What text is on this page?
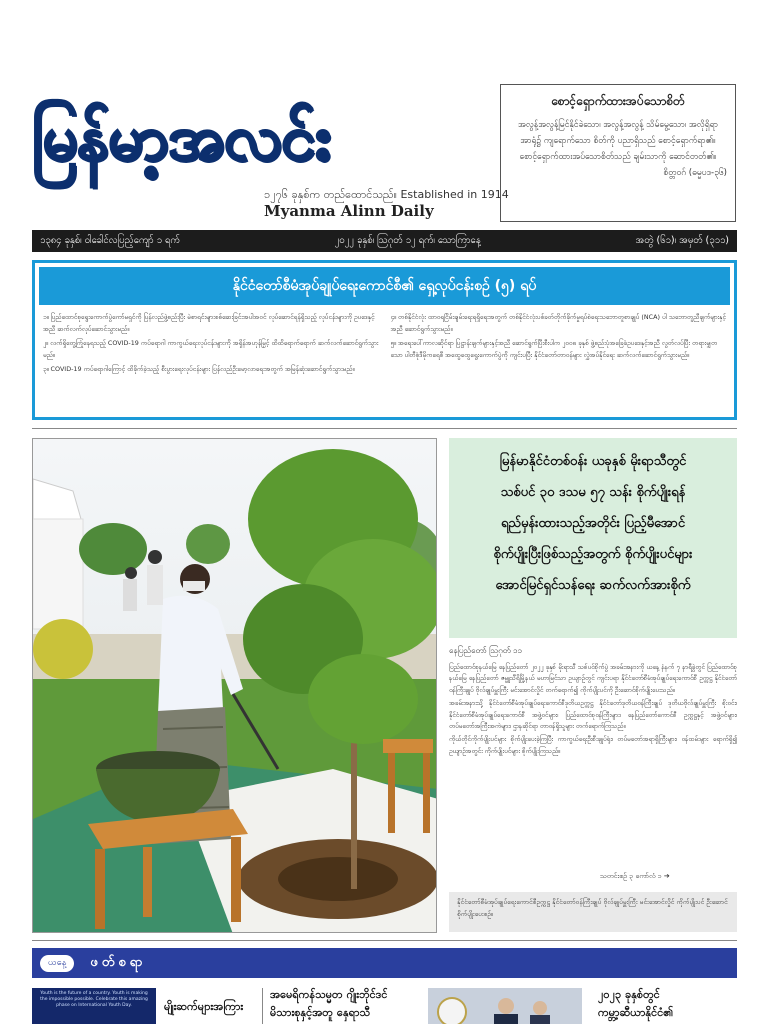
မြန်မာ့အလင်း
၁၂၇၆ ခုနှစ်က တည်ထောင်သည်။ Established in 1914
Myanma Alinn Daily
စောင့်ရှောက်ထားအပ်သောစိတ်
အလွန့်အလွန့်မြင်နိုင်ခဲသော၊ အလွန့်အလွန့် သိမ်မွေ့သော၊ အလိုရှိရာအာရုံ၌ ကျရောက်သော စိတ်ကို ပညာရှိသည် စောင့်ရှောက်ရာ၏။ စောင့်ရှောက်ထားအပ်သောစိတ်သည် ချမ်းသာကို ဆောင်တတ်၏။
စိတ္တဝဂ် (ဓမ္မပဒ-၃၆)
၁၃၈၄ ခုနှစ်၊ ဝါခေါင်လပြည့်ကျော် ၁ ရက်	၂၀၂၂ ခုနှစ်၊ ဩဂုတ် ၁၂ ရက်၊ သောကြာနေ့	အတွဲ (၆၁)၊ အမှတ် (၃၁၁)
နိုင်ငံတော်စီမံအုပ်ချုပ်ရေးကောင်စီ၏ ရှေ့လုပ်ငန်းစဉ် (၅) ရပ်

၁။ ပြည်ထောင်စုရွေးကောက်ပွဲကော်မရှင်ကို ပြန်လည်ဖွဲ့စည်းပြီး မဲစာရင်းများစစ်ဆေးခြင်းအပါအဝင် လုပ်ဆောင်ရန်ရှိသည့် လုပ်ငန်းများကို ဥပဒေနှင့်အညီ ဆက်လက်လုပ်ဆောင်သွားမည်။

၂။ လက်ရှိတွေ့ကြုံနေရသည့် COVID-19 ကပ်ရောဂါ ကာကွယ်ရေးလုပ်ငန်းများကို အရှိန်အဟုန်မြှင့် ထိထိရောက်ရောက် ဆက်လက်ဆောင်ရွက်သွားမည်။

၃။ COVID-19 ကပ်ရောဂါကြောင့် ထိခိုက်ခဲ့သည့် စီးပွားရေးလုပ်ငန်းများ ပြန်လည်ဦးမော့လာရေးအတွက် အမြန်ဆုံးဆောင်ရွက်သွားမည်။

၄။ တစ်နိုင်ငံလုံး ထာဝရငြိမ်းချမ်းရေးရရှိရေးအတွက် တစ်နိုင်ငံလုံးပစ်ခတ်တိုက်ခိုက်မှုရပ်စဲရေးသဘောတူစာချုပ် (NCA) ပါ သဘောတူညီချက်များနှင့်အညီ ဆောင်ရွက်သွားမည်။

၅။ အရေးပေါ်ကာလဆိုင်ရာ ပြဋ္ဌာန်းချက်များနှင့်အညီ ဆောင်ရွက်ပြီးစီးပါက ၂၀၀၈ ခုနှစ် ဖွဲ့စည်းပုံအခြေခံဥပဒေနှင့်အညီ လွတ်လပ်ပြီး တရားမျှတသော ပါတီစုံဒီမိုကရေစီ အထွေထွေရွေးကောက်ပွဲကို ကျင်းပပြီး နိုင်ငံတော်တာဝန်များ လွှဲအပ်နိုင်ရေး ဆက်လက်ဆောင်ရွက်သွားမည်။

မြန်မာနိုင်ငံတစ်ဝန်း ယခုနှစ် မိုးရာသီတွင်

သစ်ပင် ၃၀ ဒသမ ၅၇ သန်း စိုက်ပျိုးရန်

ရည်မှန်းထားသည့်အတိုင်း ပြည့်မီအောင်

စိုက်ပျိုးပြီးဖြစ်သည့်အတွက် စိုက်ပျိုးပင်များ

အောင်မြင်ရှင်သန်ရေး ဆက်လက်အားစိုက်

နေပြည်တော် ဩဂုတ် ၁၁

ပြည်ထောင်စုနယ်မြေ နေပြည်တော် ၂၀၂၂ ခုနှစ် မိုးရာသီ သစ်ပင်စိုက်ပွဲ အခမ်းအနားကို ယနေ့ နံနက် ၇ နာရီခွဲတွင် ပြည်ထောင်စုနယ်မြေ နေပြည်တော် ဇမ္ဗူသီရိမြို့နယ် မဟာမြင်သာ ဥယျာဉ်တွင် ကျင်းပရာ နိုင်ငံတော်စီမံအုပ်ချုပ်ရေးကောင်စီ ဥက္ကဋ္ဌ နိုင်ငံတော်ဝန်ကြီးချုပ် ဗိုလ်ချုပ်မှူးကြီး မင်းအောင်လှိုင် တက်ရောက်၍ ကိုက်ပျိုးပင်ကို ဦးဆောင်စိုက်ပျိုးပေးသည်။

အခမ်းအနားသို့ နိုင်ငံတော်စီမံအုပ်ချုပ်ရေးကောင်စီဒုတိယဥက္ကဋ္ဌ နိုင်ငံတော်ဒုတိယဝန်ကြီးချုပ် ဒုတိယဗိုလ်ချုပ်မှူးကြီး စိုးဝင်း၊ နိုင်ငံတော်စီမံအုပ်ချုပ်ရေးကောင်စီ အဖွဲ့ဝင်များ၊ ပြည်ထောင်စုဝန်ကြီးများ၊ နေပြည်တော်ကောင်စီ ဥက္ကဋ္ဌနှင့် အဖွဲ့ဝင်များ၊ တပ်မတော်အကြီးအကဲများ၊ ဌာနဆိုင်ရာ တာဝန်ရှိသူများ တက်ရောက်ကြသည်။

ကိုယ်တိုင်ကိုက်ပျိုးပင်များ စိုက်ပျိုးပေးခဲ့ကြပြီး ကာကွယ်ရေးဦးစီးချုပ်ရုံး၊ တပ်မတော်အရာရှိကြီးများ၊ ဝန်ထမ်းများ ရောက်ရှိ၍ ဥယျာဉ်အတွင်း ကိုက်ပျိုးပင်များ စိုက်ပျိုးကြသည်။

သတင်းစဉ် ၃ ကော်လံ ၁ ➔
နိုင်ငံတော်စီမံအုပ်ချုပ်ရေးကောင်စီဥက္ကဋ္ဌ နိုင်ငံတော်ဝန်ကြီးချုပ် ဗိုလ်ချုပ်မှူးကြီး မင်းအောင်လှိုင် ကိုက်ပျိုးပင် ဦးဆောင်စိုက်ပျိုးပေးစဉ်။
ယနေ့	ဖတ်စရာ
Youth is the future of a country. Youth is making the impossible possible. Celebrate this amazing phase on International Youth Day.	မျိုးဆက်များအကြား
အမေရိကန်သမ္မတ ဂျိုးဘိုင်ဒင်
မိသားစုနှင့်အတူ နှေရာသီ
၂၀၂၃ ခုနှစ်တွင်
ကမ္ဘာ့ဆီယာနိုင်ငံ၏
